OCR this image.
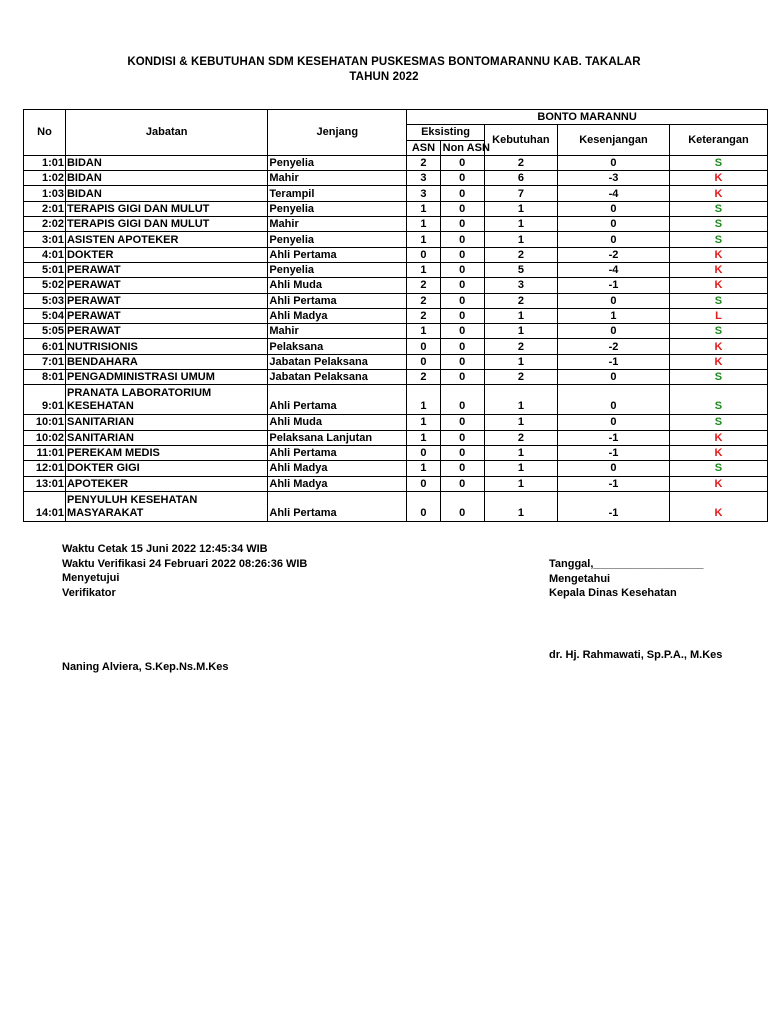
KONDISI & KEBUTUHAN SDM KESEHATAN PUSKESMAS BONTOMARANNU KAB. TAKALAR
TAHUN 2022
No	Jabatan	Jenjang	BONTO MARANNU				
			Eksisting		Kebutuhan	Kesenjangan	Keterangan
			ASN	Non ASN			
1:01	BIDAN	Penyelia	2	0	2	0	S
1:02	BIDAN	Mahir	3	0	6	-3	K
1:03	BIDAN	Terampil	3	0	7	-4	K
2:01	TERAPIS GIGI DAN MULUT	Penyelia	1	0	1	0	S
2:02	TERAPIS GIGI DAN MULUT	Mahir	1	0	1	0	S
3:01	ASISTEN APOTEKER	Penyelia	1	0	1	0	S
4:01	DOKTER	Ahli Pertama	0	0	2	-2	K
5:01	PERAWAT	Penyelia	1	0	5	-4	K
5:02	PERAWAT	Ahli Muda	2	0	3	-1	K
5:03	PERAWAT	Ahli Pertama	2	0	2	0	S
5:04	PERAWAT	Ahli Madya	2	0	1	1	L
5:05	PERAWAT	Mahir	1	0	1	0	S
6:01	NUTRISIONIS	Pelaksana	0	0	2	-2	K
7:01	BENDAHARA	Jabatan Pelaksana	0	0	1	-1	K
8:01	PENGADMINISTRASI UMUM	Jabatan Pelaksana	2	0	2	0	S
9:01	PRANATA LABORATORIUM KESEHATAN	Ahli Pertama	1	0	1	0	S
10:01	SANITARIAN	Ahli Muda	1	0	1	0	S
10:02	SANITARIAN	Pelaksana Lanjutan	1	0	2	-1	K
11:01	PEREKAM MEDIS	Ahli Pertama	0	0	1	-1	K
12:01	DOKTER GIGI	Ahli Madya	1	0	1	0	S
13:01	APOTEKER	Ahli Madya	0	0	1	-1	K
14:01	PENYULUH KESEHATAN MASYARAKAT	Ahli Pertama	0	0	1	-1	K
Waktu Cetak 15 Juni 2022 12:45:34 WIB
Waktu Verifikasi 24 Februari 2022 08:26:36 WIB
Menyetujui
Verifikator
Tanggal,__________________
Mengetahui
Kepala Dinas Kesehatan
Naning Alviera, S.Kep.Ns.M.Kes
dr. Hj. Rahmawati, Sp.P.A., M.Kes
